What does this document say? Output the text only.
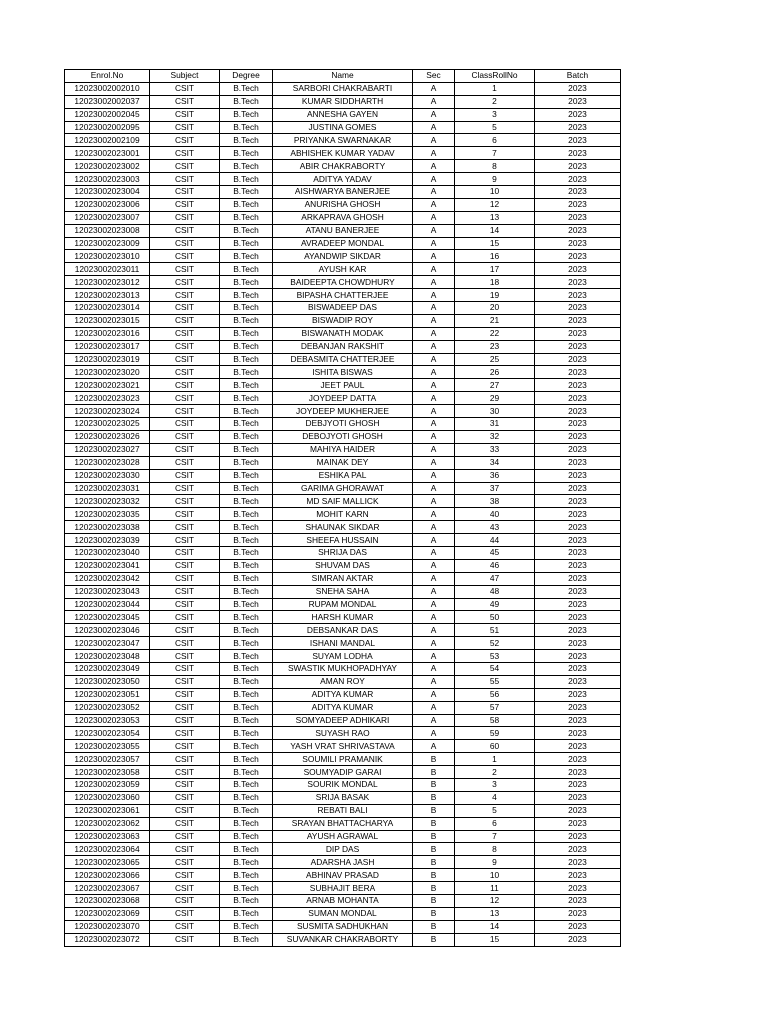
Enrol.No	Subject	Degree	Name	Sec	ClassRollNo	Batch
12023002002010	CSIT	B.Tech	SARBORI CHAKRABARTI	A	1	2023
12023002002037	CSIT	B.Tech	KUMAR SIDDHARTH	A	2	2023
12023002002045	CSIT	B.Tech	ANNESHA GAYEN	A	3	2023
12023002002095	CSIT	B.Tech	JUSTINA GOMES	A	5	2023
12023002002109	CSIT	B.Tech	PRIYANKA SWARNAKAR	A	6	2023
12023002023001	CSIT	B.Tech	ABHISHEK KUMAR YADAV	A	7	2023
12023002023002	CSIT	B.Tech	ABIR CHAKRABORTY	A	8	2023
12023002023003	CSIT	B.Tech	ADITYA YADAV	A	9	2023
12023002023004	CSIT	B.Tech	AISHWARYA BANERJEE	A	10	2023
12023002023006	CSIT	B.Tech	ANURISHA GHOSH	A	12	2023
12023002023007	CSIT	B.Tech	ARKAPRAVA GHOSH	A	13	2023
12023002023008	CSIT	B.Tech	ATANU BANERJEE	A	14	2023
12023002023009	CSIT	B.Tech	AVRADEEP MONDAL	A	15	2023
12023002023010	CSIT	B.Tech	AYANDWIP SIKDAR	A	16	2023
12023002023011	CSIT	B.Tech	AYUSH KAR	A	17	2023
12023002023012	CSIT	B.Tech	BAIDEEPTA CHOWDHURY	A	18	2023
12023002023013	CSIT	B.Tech	BIPASHA CHATTERJEE	A	19	2023
12023002023014	CSIT	B.Tech	BISWADEEP DAS	A	20	2023
12023002023015	CSIT	B.Tech	BISWADIP ROY	A	21	2023
12023002023016	CSIT	B.Tech	BISWANATH MODAK	A	22	2023
12023002023017	CSIT	B.Tech	DEBANJAN RAKSHIT	A	23	2023
12023002023019	CSIT	B.Tech	DEBASMITA CHATTERJEE	A	25	2023
12023002023020	CSIT	B.Tech	ISHITA BISWAS	A	26	2023
12023002023021	CSIT	B.Tech	JEET PAUL	A	27	2023
12023002023023	CSIT	B.Tech	JOYDEEP DATTA	A	29	2023
12023002023024	CSIT	B.Tech	JOYDEEP MUKHERJEE	A	30	2023
12023002023025	CSIT	B.Tech	DEBJYOTI GHOSH	A	31	2023
12023002023026	CSIT	B.Tech	DEBOJYOTI GHOSH	A	32	2023
12023002023027	CSIT	B.Tech	MAHIYA HAIDER	A	33	2023
12023002023028	CSIT	B.Tech	MAINAK DEY	A	34	2023
12023002023030	CSIT	B.Tech	ESHIKA PAL	A	36	2023
12023002023031	CSIT	B.Tech	GARIMA GHORAWAT	A	37	2023
12023002023032	CSIT	B.Tech	MD SAIF MALLICK	A	38	2023
12023002023035	CSIT	B.Tech	MOHIT KARN	A	40	2023
12023002023038	CSIT	B.Tech	SHAUNAK SIKDAR	A	43	2023
12023002023039	CSIT	B.Tech	SHEEFA HUSSAIN	A	44	2023
12023002023040	CSIT	B.Tech	SHRIJA DAS	A	45	2023
12023002023041	CSIT	B.Tech	SHUVAM DAS	A	46	2023
12023002023042	CSIT	B.Tech	SIMRAN AKTAR	A	47	2023
12023002023043	CSIT	B.Tech	SNEHA SAHA	A	48	2023
12023002023044	CSIT	B.Tech	RUPAM MONDAL	A	49	2023
12023002023045	CSIT	B.Tech	HARSH KUMAR	A	50	2023
12023002023046	CSIT	B.Tech	DEBSANKAR DAS	A	51	2023
12023002023047	CSIT	B.Tech	ISHANI MANDAL	A	52	2023
12023002023048	CSIT	B.Tech	SUYAM LODHA	A	53	2023
12023002023049	CSIT	B.Tech	SWASTIK MUKHOPADHYAY	A	54	2023
12023002023050	CSIT	B.Tech	AMAN ROY	A	55	2023
12023002023051	CSIT	B.Tech	ADITYA KUMAR	A	56	2023
12023002023052	CSIT	B.Tech	ADITYA KUMAR	A	57	2023
12023002023053	CSIT	B.Tech	SOMYADEEP ADHIKARI	A	58	2023
12023002023054	CSIT	B.Tech	SUYASH RAO	A	59	2023
12023002023055	CSIT	B.Tech	YASH VRAT SHRIVASTAVA	A	60	2023
12023002023057	CSIT	B.Tech	SOUMILI PRAMANIK	B	1	2023
12023002023058	CSIT	B.Tech	SOUMYADIP GARAI	B	2	2023
12023002023059	CSIT	B.Tech	SOURIK MONDAL	B	3	2023
12023002023060	CSIT	B.Tech	SRIJA BASAK	B	4	2023
12023002023061	CSIT	B.Tech	REBATI BALI	B	5	2023
12023002023062	CSIT	B.Tech	SRAYAN BHATTACHARYA	B	6	2023
12023002023063	CSIT	B.Tech	AYUSH AGRAWAL	B	7	2023
12023002023064	CSIT	B.Tech	DIP DAS	B	8	2023
12023002023065	CSIT	B.Tech	ADARSHA JASH	B	9	2023
12023002023066	CSIT	B.Tech	ABHINAV PRASAD	B	10	2023
12023002023067	CSIT	B.Tech	SUBHAJIT BERA	B	11	2023
12023002023068	CSIT	B.Tech	ARNAB MOHANTA	B	12	2023
12023002023069	CSIT	B.Tech	SUMAN MONDAL	B	13	2023
12023002023070	CSIT	B.Tech	SUSMITA SADHUKHAN	B	14	2023
12023002023072	CSIT	B.Tech	SUVANKAR CHAKRABORTY	B	15	2023
